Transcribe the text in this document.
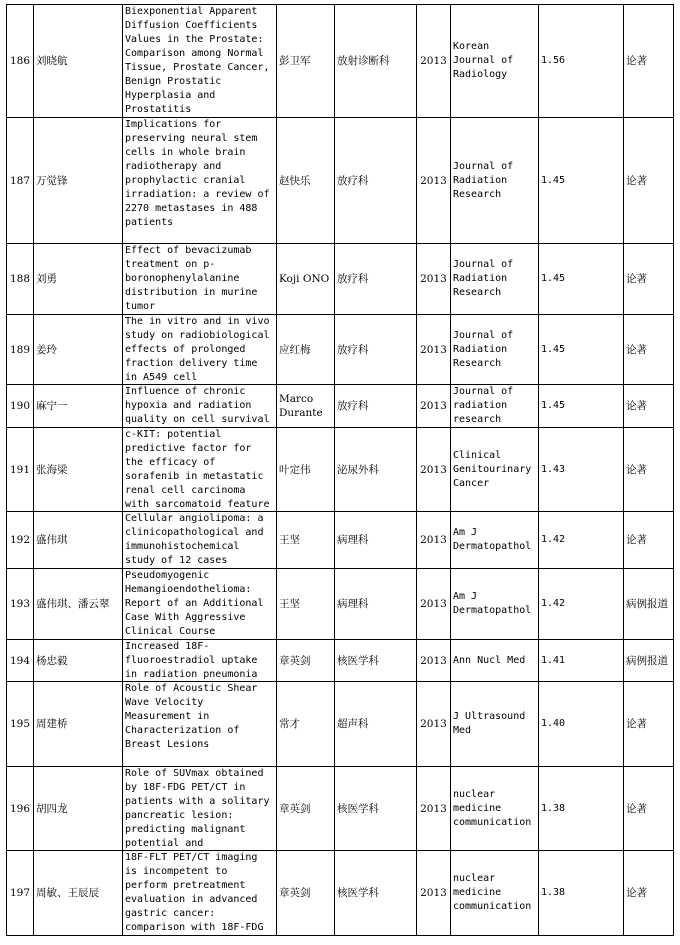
186	刘晓航	Biexponential Apparent Diffusion Coefficients Values in the Prostate: Comparison among Normal Tissue, Prostate Cancer, Benign Prostatic Hyperplasia and Prostatitis	彭卫军	放射诊断科	2013	Korean Journal of Radiology	1.56	论著
187	万觉锋	Implications for preserving neural stem cells in whole brain radiotherapy and prophylactic cranial irradiation: a review of 2270 metastases in 488 patients	赵快乐	放疗科	2013	Journal of Radiation Research	1.45	论著
188	刘勇	Effect of bevacizumab treatment on p-boronophenylalanine distribution in murine tumor	Koji ONO	放疗科	2013	Journal of Radiation Research	1.45	论著
189	姜玲	The in vitro and in vivo study on radiobiological effects of prolonged fraction delivery time in A549 cell	应红梅	放疗科	2013	Journal of Radiation Research	1.45	论著
190	麻宁一	Influence of chronic hypoxia and radiation quality on cell survival	Marco Durante	放疗科	2013	Journal of radiation research	1.45	论著
191	张海梁	c-KIT: potential predictive factor for the efficacy of sorafenib in metastatic renal cell carcinoma with sarcomatoid feature	叶定伟	泌尿外科	2013	Clinical Genitourinary Cancer	1.43	论著
192	盛伟琪	Cellular angiolipoma: a clinicopathological and immunohistochemical study of 12 cases	王坚	病理科	2013	Am J Dermatopathol	1.42	论著
193	盛伟琪、潘云翠	Pseudomyogenic Hemangioendothelioma: Report of an Additional Case With Aggressive Clinical Course	王坚	病理科	2013	Am J Dermatopathol	1.42	病例报道
194	杨忠毅	Increased 18F-fluoroestradiol uptake in radiation pneumonia	章英剑	核医学科	2013	Ann Nucl Med	1.41	病例报道
195	周建桥	Role of Acoustic Shear Wave Velocity Measurement in Characterization of Breast Lesions	常才	超声科	2013	J Ultrasound Med	1.40	论著
196	胡四龙	Role of SUVmax obtained by 18F-FDG PET/CT in patients with a solitary pancreatic lesion: predicting malignant potential and	章英剑	核医学科	2013	nuclear medicine communication	1.38	论著
197	周敏、王辰辰	18F-FLT PET/CT imaging is incompetent to perform pretreatment evaluation in advanced gastric cancer: comparison with 18F-FDG	章英剑	核医学科	2013	nuclear medicine communication	1.38	论著
